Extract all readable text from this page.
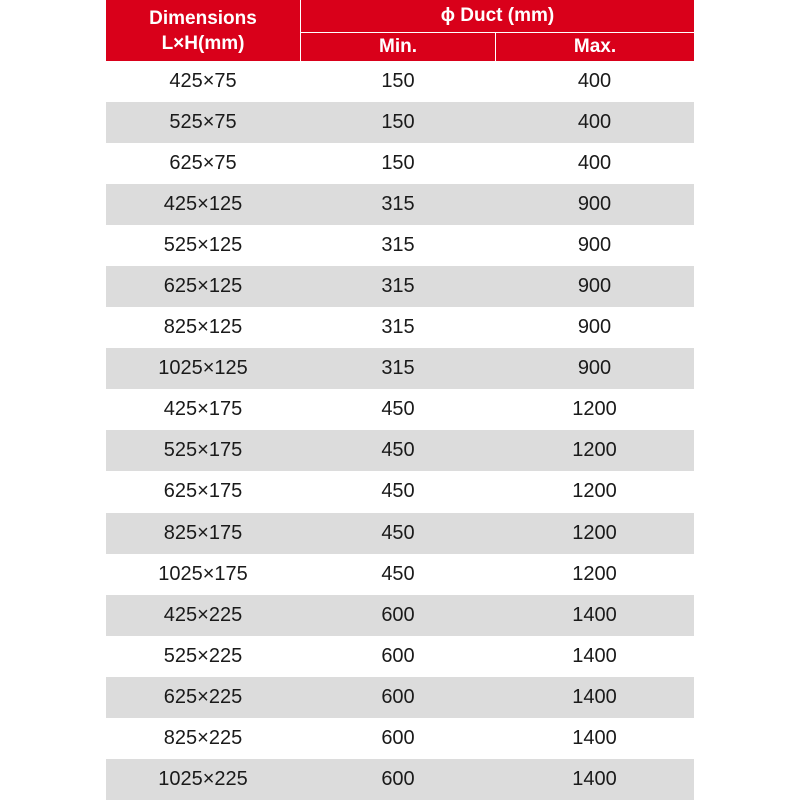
Dimensions
L×H(mm)
ϕ Duct (mm)
Min.	Max.
425×75	150	400
525×75	150	400
625×75	150	400
425×125	315	900
525×125	315	900
625×125	315	900
825×125	315	900
1025×125	315	900
425×175	450	1200
525×175	450	1200
625×175	450	1200
825×175	450	1200
1025×175	450	1200
425×225	600	1400
525×225	600	1400
625×225	600	1400
825×225	600	1400
1025×225	600	1400
